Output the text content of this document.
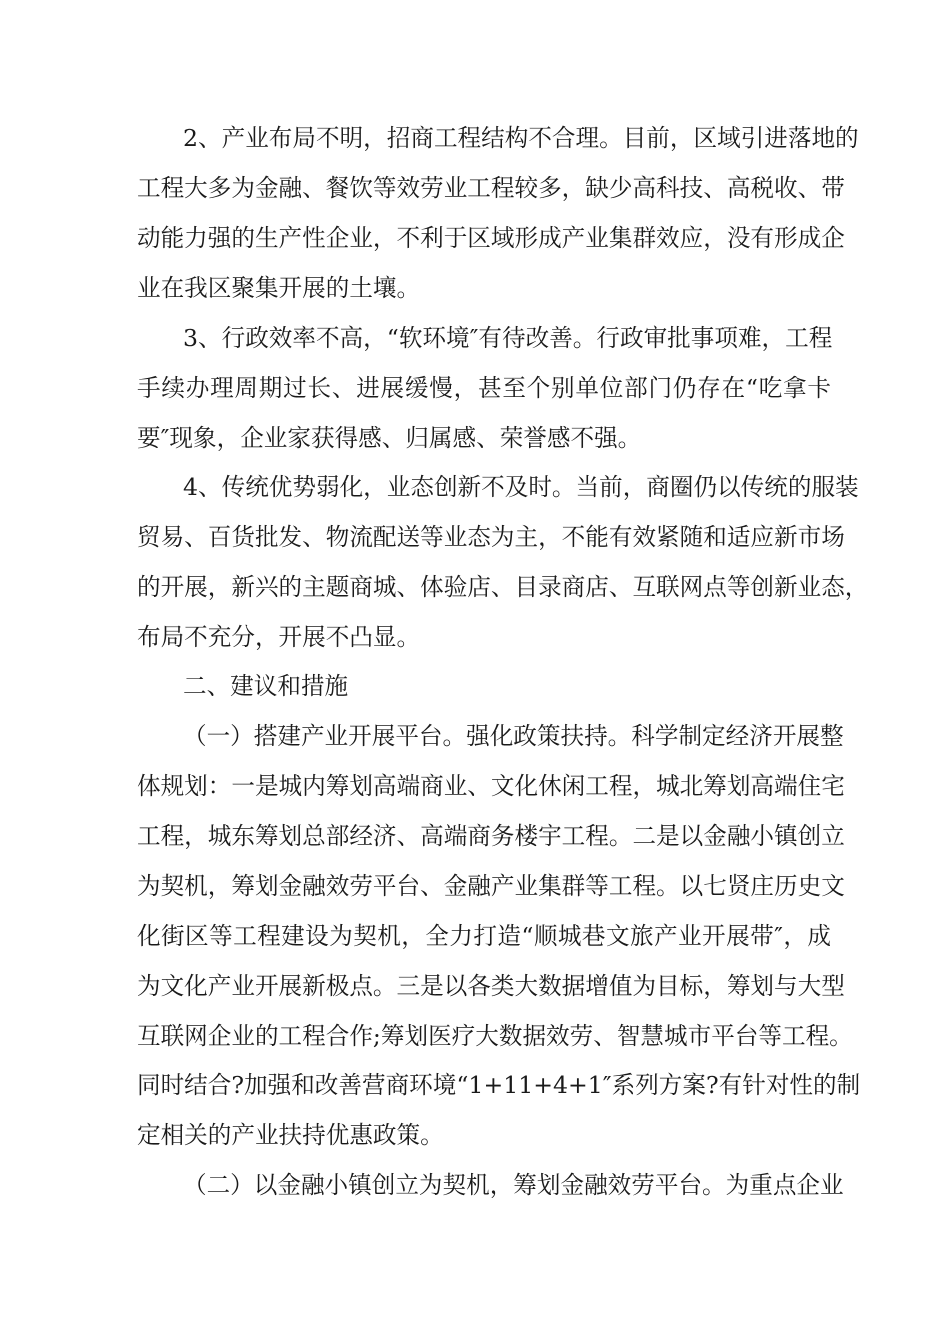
2、产业布局不明，招商工程结构不合理。目前，区域引进落地的
工程大多为金融、餐饮等效劳业工程较多，缺少高科技、高税收、带
动能力强的生产性企业，不利于区域形成产业集群效应，没有形成企
业在我区聚集开展的土壤。
3、行政效率不高，“软环境″有待改善。行政审批事项难，工程
手续办理周期过长、进展缓慢，甚至个别单位部门仍存在“吃拿卡
要″现象，企业家获得感、归属感、荣誉感不强。
4、传统优势弱化，业态创新不及时。当前，商圈仍以传统的服装
贸易、百货批发、物流配送等业态为主，不能有效紧随和适应新市场
的开展，新兴的主题商城、体验店、目录商店、互联网点等创新业态，
布局不充分，开展不凸显。
二、建议和措施
（一）搭建产业开展平台。强化政策扶持。科学制定经济开展整
体规划：一是城内筹划高端商业、文化休闲工程，城北筹划高端住宅
工程，城东筹划总部经济、高端商务楼宇工程。二是以金融小镇创立
为契机，筹划金融效劳平台、金融产业集群等工程。以七贤庄历史文
化街区等工程建设为契机，全力打造“顺城巷文旅产业开展带″，成
为文化产业开展新极点。三是以各类大数据增值为目标，筹划与大型
互联网企业的工程合作;筹划医疗大数据效劳、智慧城市平台等工程。
同时结合?加强和改善营商环境“1+11+4+1″系列方案?有针对性的制
定相关的产业扶持优惠政策。
（二）以金融小镇创立为契机，筹划金融效劳平台。为重点企业
